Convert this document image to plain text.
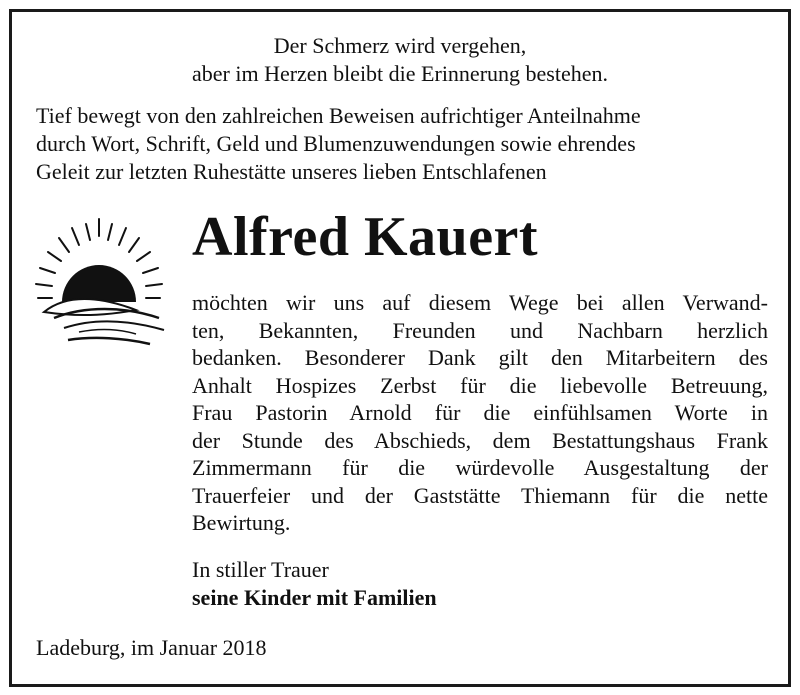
Der Schmerz wird vergehen,
aber im Herzen bleibt die Erinnerung bestehen.
Tief bewegt von den zahlreichen Beweisen aufrichtiger Anteilnahme
durch Wort, Schrift, Geld und Blumenzuwendungen sowie ehrendes
Geleit zur letzten Ruhestätte unseres lieben Entschlafenen
Alfred Kauert
möchten wir uns auf diesem Wege bei allen Verwand-
ten, Bekannten, Freunden und Nachbarn herzlich
bedanken. Besonderer Dank gilt den Mitarbeitern des
Anhalt Hospizes Zerbst für die liebevolle Betreuung,
Frau Pastorin Arnold für die einfühlsamen Worte in
der Stunde des Abschieds, dem Bestattungshaus Frank
Zimmermann für die würdevolle Ausgestaltung der
Trauerfeier und der Gaststätte Thiemann für die nette
Bewirtung.
In stiller Trauer
seine Kinder mit Familien
Ladeburg, im Januar 2018
